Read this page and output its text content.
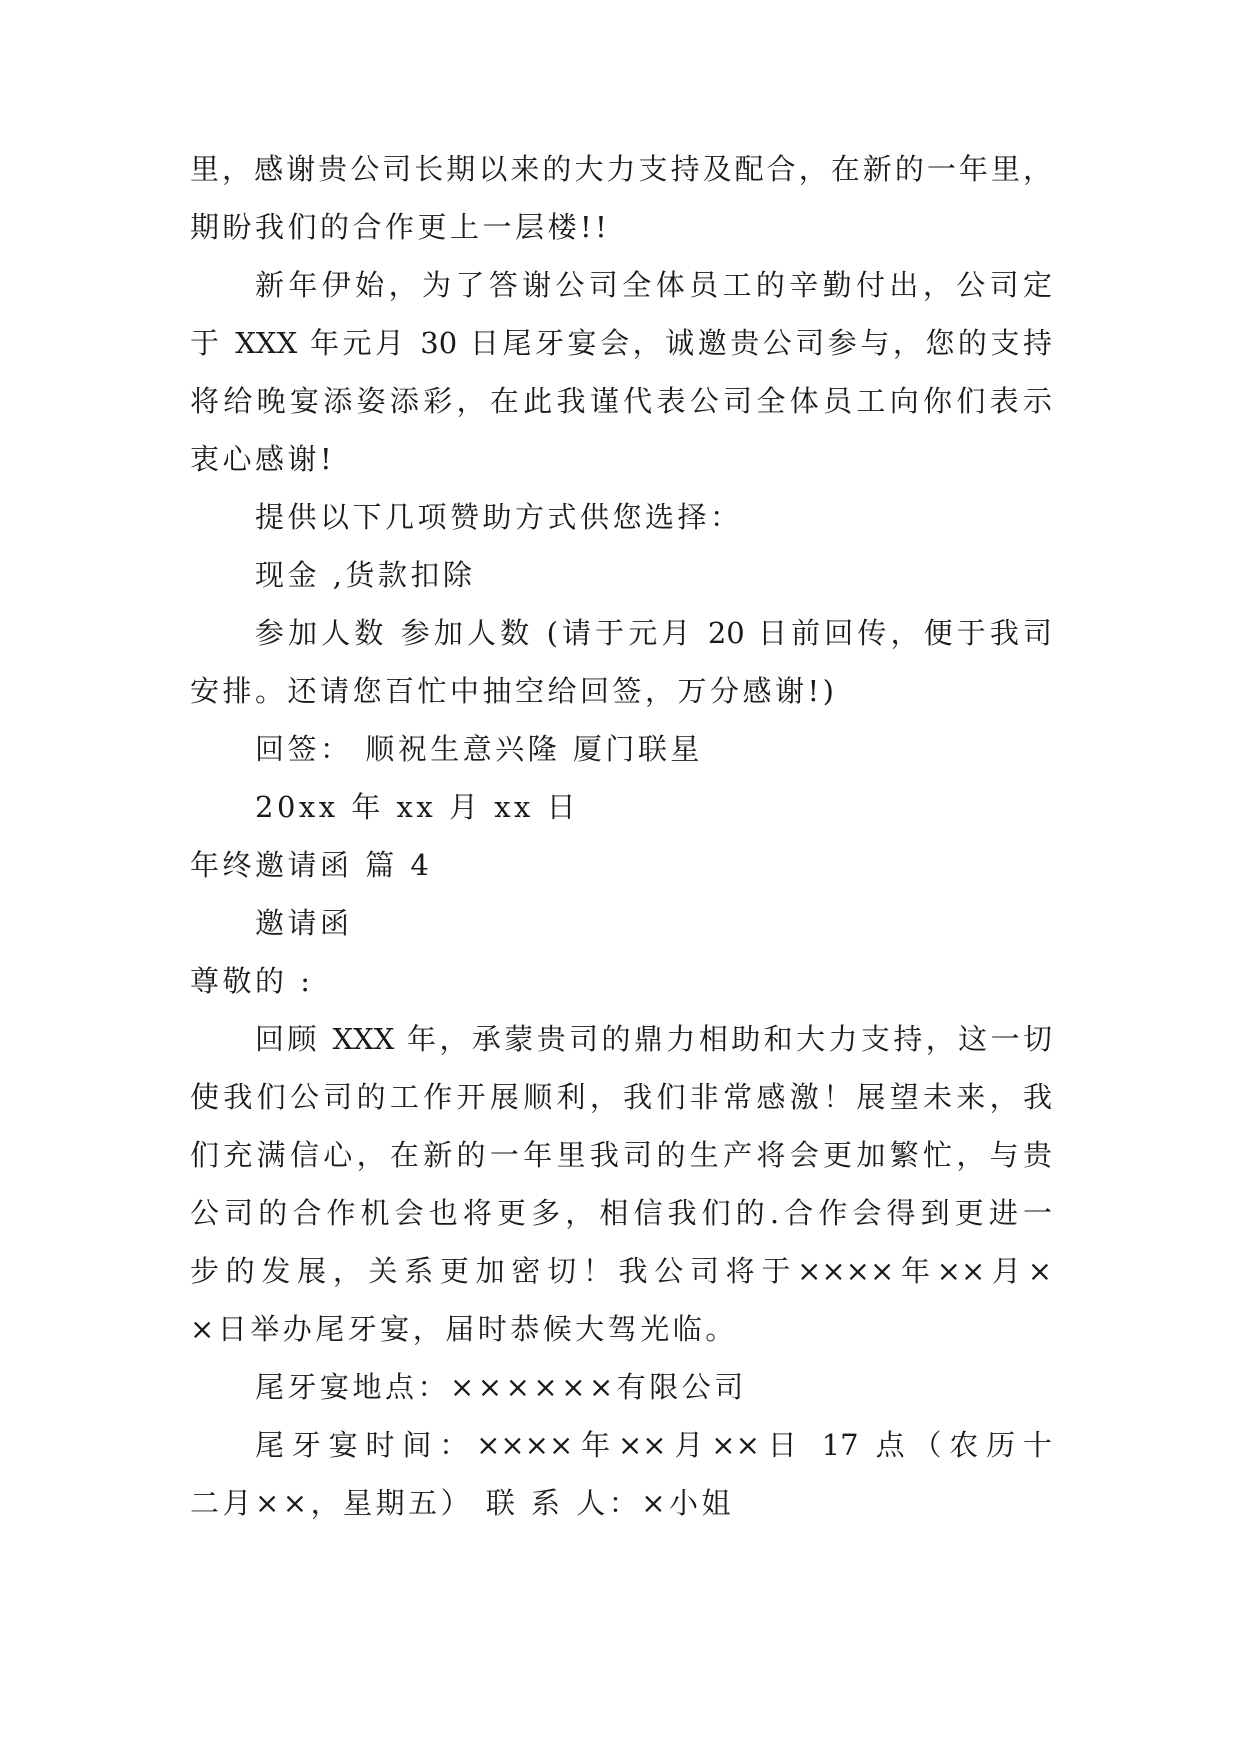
里，感谢贵公司长期以来的大力支持及配合，在新的一年里，
期盼我们的合作更上一层楼!!
新年伊始，为了答谢公司全体员工的辛勤付出，公司定
于 XXX 年元月 30 日尾牙宴会，诚邀贵公司参与，您的支持
将给晚宴添姿添彩，在此我谨代表公司全体员工向你们表示
衷心感谢!
提供以下几项赞助方式供您选择：
现金 ,货款扣除
参加人数 参加人数 (请于元月 20 日前回传，便于我司
安排。还请您百忙中抽空给回签，万分感谢!)
回签： 顺祝生意兴隆 厦门联星
20xx 年 xx 月 xx 日
年终邀请函 篇 4
邀请函
尊敬的 :
回顾 XXX 年，承蒙贵司的鼎力相助和大力支持，这一切
使我们公司的工作开展顺利，我们非常感激！展望未来，我
们充满信心，在新的一年里我司的生产将会更加繁忙，与贵
公司的合作机会也将更多，相信我们的.合作会得到更进一
步的发展，关系更加密切！我公司将于××××年××月×
×日举办尾牙宴，届时恭候大驾光临。
尾牙宴地点：××××××有限公司
尾牙宴时间：××××年××月××日 17 点（农历十
二月××，星期五） 联 系 人：×小姐
